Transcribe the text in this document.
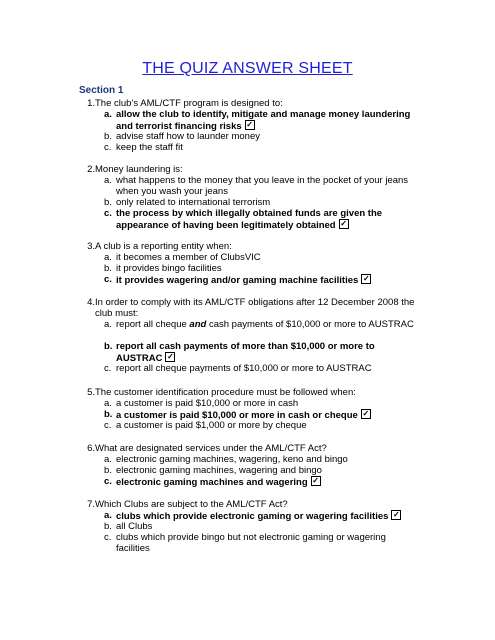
THE QUIZ ANSWER SHEET
Section 1
1. The club’s AML/CTF program is designed to:
a. allow the club to identify, mitigate and manage money laundering and terrorist financing risks✓
b. advise staff how to launder money
c. keep the staff fit
2. Money laundering is:
a. what happens to the money that you leave in the pocket of your jeans when you wash your jeans
b. only related to international terrorism
c. the process by which illegally obtained funds are given the appearance of having been legitimately obtained✓
3. A club is a reporting entity when:
a. it becomes a member of ClubsVIC
b. it provides bingo facilities
c. it provides wagering and/or gaming machine facilities✓
4. In order to comply with its AML/CTF obligations after 12 December 2008 the club must:
a. report all cheque and cash payments of $10,000 or more to AUSTRAC
b. report all cash payments of more than $10,000 or more to AUSTRAC✓
c. report all cheque payments of $10,000 or more to AUSTRAC
5. The customer identification procedure must be followed when:
a. a customer is paid $10,000 or more in cash
b. a customer is paid $10,000 or more in cash or cheque✓
c. a customer is paid $1,000 or more by cheque
6. What are designated services under the AML/CTF Act?
a. electronic gaming machines, wagering, keno and bingo
b. electronic gaming machines, wagering and bingo
c. electronic gaming machines and wagering✓
7. Which Clubs are subject to the AML/CTF Act?
a. clubs which provide electronic gaming or wagering facilities✓
b. all Clubs
c. clubs which provide bingo but not electronic gaming or wagering facilities
